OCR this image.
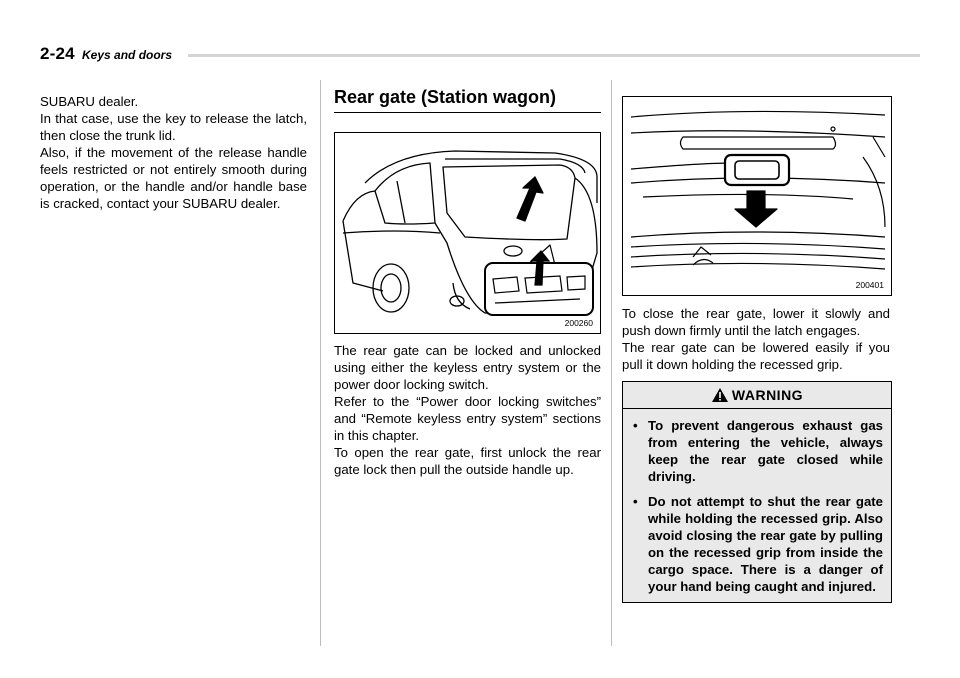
2-24 Keys and doors

SUBARU dealer.

In that case, use the key to release the latch, then close the trunk lid.

Also, if the movement of the release handle feels restricted or not entirely smooth during operation, or the handle and/or handle base is cracked, contact your SUBARU dealer.

Rear gate (Station wagon)
200260

The rear gate can be locked and unlocked using either the keyless entry system or the power door locking switch.

Refer to the “Power door locking switches” and “Remote keyless entry system” sections in this chapter.

To open the rear gate, first unlock the rear gate lock then pull the outside handle up.

200401

To close the rear gate, lower it slowly and push down firmly until the latch engages.

The rear gate can be lowered easily if you pull it down holding the recessed grip.

WARNING
• To prevent dangerous exhaust gas from entering the vehicle, always keep the rear gate closed while driving.
• Do not attempt to shut the rear gate while holding the recessed grip. Also avoid closing the rear gate by pulling on the recessed grip from inside the cargo space. There is a danger of your hand being caught and injured.
